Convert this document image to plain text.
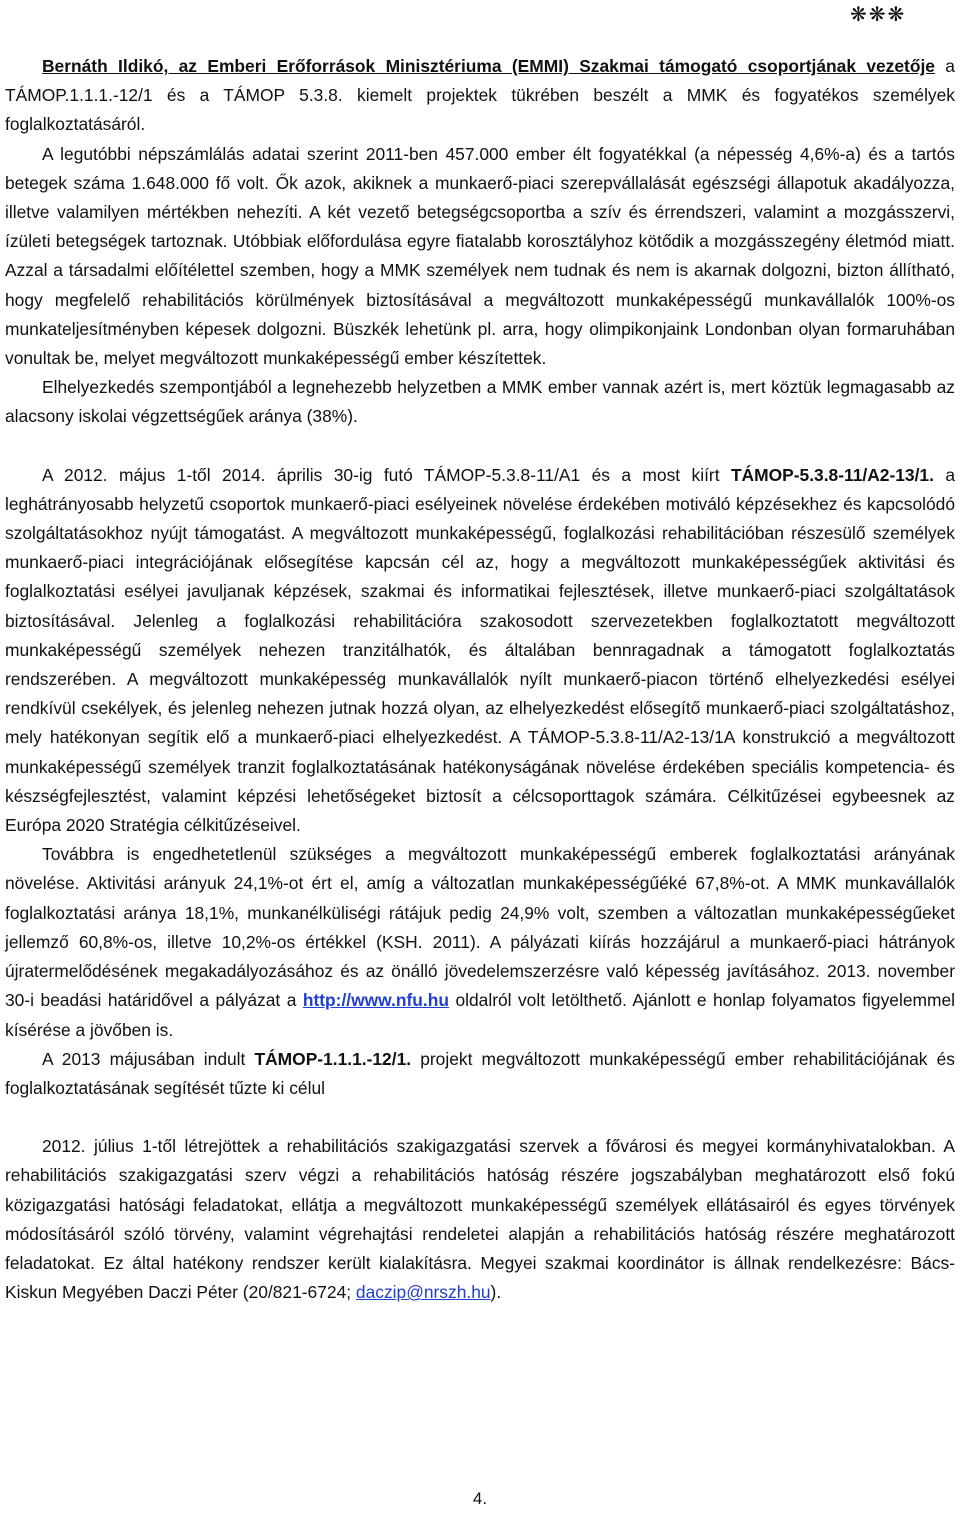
❋❋❋

Bernáth Ildikó, az Emberi Erőforrások Minisztériuma (EMMI) Szakmai támogató csoportjának vezetője a TÁMOP.1.1.1.-12/1 és a TÁMOP 5.3.8. kiemelt projektek tükrében beszélt a MMK és fogyatékos személyek foglalkoztatásáról.

A legutóbbi népszámlálás adatai szerint 2011-ben 457.000 ember élt fogyatékkal (a népesség 4,6%-a) és a tartós betegek száma 1.648.000 fő volt. Ők azok, akiknek a munkaerő-piaci szerepvállalását egészségi állapotuk akadályozza, illetve valamilyen mértékben nehezíti. A két vezető betegségcsoportba a szív és érrendszeri, valamint a mozgásszervi, ízületi betegségek tartoznak. Utóbbiak előfordulása egyre fiatalabb korosztályhoz kötődik a mozgásszegény életmód miatt. Azzal a társadalmi előítélettel szemben, hogy a MMK személyek nem tudnak és nem is akarnak dolgozni, bizton állítható, hogy megfelelő rehabilitációs körülmények biztosításával a megváltozott munkaképességű munkavállalók 100%-os munkateljesítményben képesek dolgozni. Büszkék lehetünk pl. arra, hogy olimpikonjaink Londonban olyan formaruhában vonultak be, melyet megváltozott munkaképességű ember készítettek.

Elhelyezkedés szempontjából a legnehezebb helyzetben a MMK ember vannak azért is, mert köztük legmagasabb az alacsony iskolai végzettségűek aránya (38%).

A 2012. május 1-től 2014. április 30-ig futó TÁMOP-5.3.8-11/A1 és a most kiírt TÁMOP-5.3.8-11/A2-13/1. a leghátrányosabb helyzetű csoportok munkaerő-piaci esélyeinek növelése érdekében motiváló képzésekhez és kapcsolódó szolgáltatásokhoz nyújt támogatást. A megváltozott munkaképességű, foglalkozási rehabilitációban részesülő személyek munkaerő-piaci integrációjának elősegítése kapcsán cél az, hogy a megváltozott munkaképességűek aktivitási és foglalkoztatási esélyei javuljanak képzések, szakmai és informatikai fejlesztések, illetve munkaerő-piaci szolgáltatások biztosításával. Jelenleg a foglalkozási rehabilitációra szakosodott szervezetekben foglalkoztatott megváltozott munkaképességű személyek nehezen tranzitálhatók, és általában bennragadnak a támogatott foglalkoztatás rendszerében. A megváltozott munkaképesség munkavállalók nyílt munkaerő-piacon történő elhelyezkedési esélyei rendkívül csekélyek, és jelenleg nehezen jutnak hozzá olyan, az elhelyezkedést elősegítő munkaerő-piaci szolgáltatáshoz, mely hatékonyan segítik elő a munkaerő-piaci elhelyezkedést. A TÁMOP-5.3.8-11/A2-13/1A konstrukció a megváltozott munkaképességű személyek tranzit foglalkoztatásának hatékonyságának növelése érdekében speciális kompetencia- és készségfejlesztést, valamint képzési lehetőségeket biztosít a célcsoporttagok számára. Célkitűzései egybeesnek az Európa 2020 Stratégia célkitűzéseivel.

Továbbra is engedhetetlenül szükséges a megváltozott munkaképességű emberek foglalkoztatási arányának növelése. Aktivitási arányuk 24,1%-ot ért el, amíg a változatlan munkaképességűéké 67,8%-ot. A MMK munkavállalók foglalkoztatási aránya 18,1%, munkanélküliségi rátájuk pedig 24,9% volt, szemben a változatlan munkaképességűeket jellemző 60,8%-os, illetve 10,2%-os értékkel (KSH. 2011). A pályázati kiírás hozzájárul a munkaerő-piaci hátrányok újratermelődésének megakadályozásához és az önálló jövedelemszerzésre való képesség javításához. 2013. november 30-i beadási határidővel a pályázat a http://www.nfu.hu oldalról volt letölthető. Ajánlott e honlap folyamatos figyelemmel kísérése a jövőben is.

A 2013 májusában indult TÁMOP-1.1.1.-12/1. projekt megváltozott munkaképességű ember rehabilitációjának és foglalkoztatásának segítését tűzte ki célul

2012. július 1-től létrejöttek a rehabilitációs szakigazgatási szervek a fővárosi és megyei kormányhivatalokban. A rehabilitációs szakigazgatási szerv végzi a rehabilitációs hatóság részére jogszabályban meghatározott első fokú közigazgatási hatósági feladatokat, ellátja a megváltozott munkaképességű személyek ellátásairól és egyes törvények módosításáról szóló törvény, valamint végrehajtási rendeletei alapján a rehabilitációs hatóság részére meghatározott feladatokat. Ez által hatékony rendszer került kialakításra. Megyei szakmai koordinátor is állnak rendelkezésre: Bács-Kiskun Megyében Daczi Péter (20/821-6724; daczip@nrszh.hu).

4.
